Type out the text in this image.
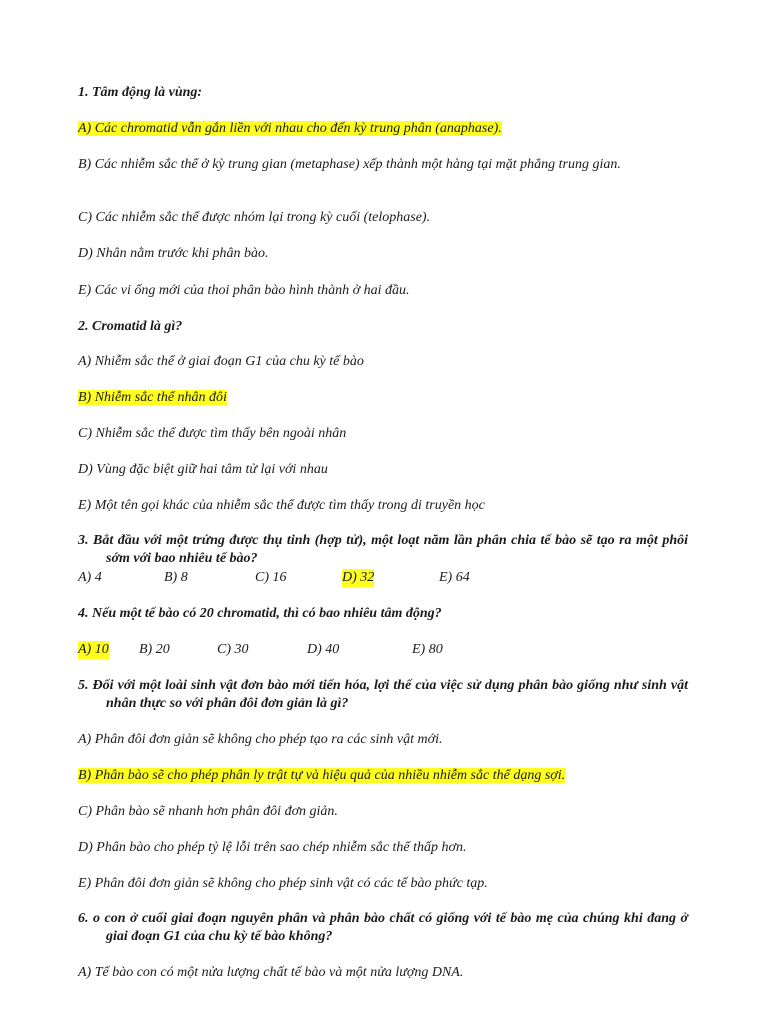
1. Tâm động là vùng:
A) Các chromatid vẫn gắn liền với nhau cho đến kỳ trung phân (anaphase).
B) Các nhiễm sắc thể ở kỳ trung gian (metaphase) xếp thành một hàng tại mặt phẳng trung gian.
C) Các nhiễm sắc thể được nhóm lại trong kỳ cuối (telophase).
D) Nhân nằm trước khi phân bào.
E) Các vi ống mới của thoi phân bào hình thành ở hai đầu.
2. Cromatid là gì?
A) Nhiễm sắc thể ở giai đoạn G1 của chu kỳ tế bào
B) Nhiễm sắc thể nhân đôi
C) Nhiễm sắc thể được tìm thấy bên ngoài nhân
D) Vùng đặc biệt giữ hai tâm tử lại với nhau
E) Một tên gọi khác của nhiễm sắc thể được tìm thấy trong di truyền học
3. Bắt đầu với một trứng được thụ tinh (hợp tử), một loạt năm lần phân chia tế bào sẽ tạo ra một phôi sớm với bao nhiêu tế bào?
A) 4	B) 8	C) 16	D) 32	E) 64
4. Nếu một tế bào có 20 chromatid, thì có bao nhiêu tâm động?
A) 10 B) 20	C) 30	D) 40	E) 80
5. Đối với một loài sinh vật đơn bào mới tiến hóa, lợi thế của việc sử dụng phân bào giống như sinh vật nhân thực so với phân đôi đơn giản là gì?
A) Phân đôi đơn giản sẽ không cho phép tạo ra các sinh vật mới.
B) Phân bào sẽ cho phép phân ly trật tự và hiệu quả của nhiều nhiễm sắc thể dạng sợi.
C) Phân bào sẽ nhanh hơn phân đôi đơn giản.
D) Phân bào cho phép tỷ lệ lỗi trên sao chép nhiễm sắc thể thấp hơn.
E) Phân đôi đơn giản sẽ không cho phép sinh vật có các tế bào phức tạp.
6. o con ở cuối giai đoạn nguyên phân và phân bào chất có giống với tế bào mẹ của chúng khi đang ở giai đoạn G1 của chu kỳ tế bào không?
A) Tế bào con có một nửa lượng chất tế bào và một nửa lượng DNA.
